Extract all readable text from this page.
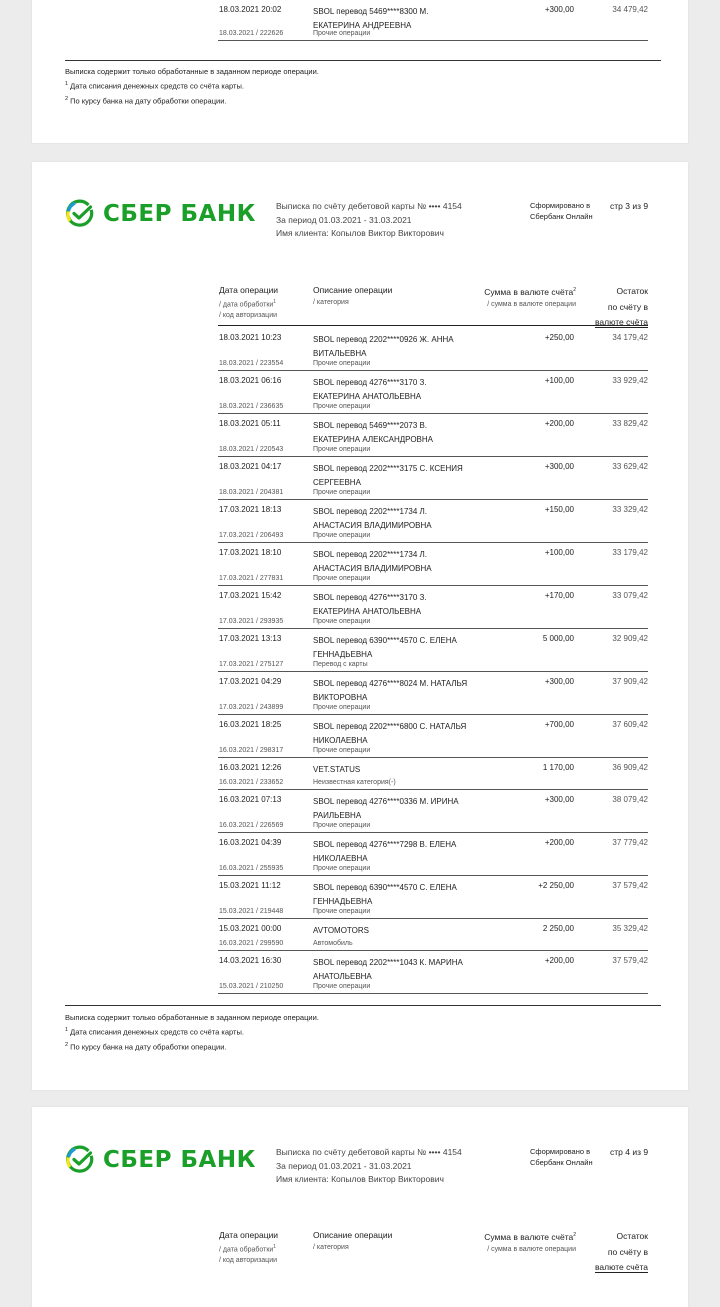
18.03.2021 20:02
18.03.2021 / 222626
SBOL перевод 5469****8300 М. ЕКАТЕРИНА АНДРЕЕВНА
Прочие операции
+300,00	34 479,42
Выписка содержит только обработанные в заданном периоде операции.
$^1$ Дата списания денежных средств со счёта карты.
$^2$ По курсу банка на дату обработки операции.
СБЕР БАНК Выписка по счёту дебетовой карты № •••• 4154
За период 01.03.2021 - 31.03.2021
Имя клиента: Копылов Виктор Викторович
Сформировано в
Сбербанк Онлайн
стр 3 из 9
Дата операции
/ дата обработки$^1$
/ код авторизации
Описание операции
/ категория
Сумма в валюте счёта$^2$
/ сумма в валюте операции
Остаток
по счёту в
валюте счёта
18.03.2021 10:23
18.03.2021 / 223554
SBOL перевод 2202****0926 Ж. АННА ВИТАЛЬЕВНА
Прочие операции
+250,00	34 179,42
18.03.2021 06:16
18.03.2021 / 236635
SBOL перевод 4276****3170 З. ЕКАТЕРИНА АНАТОЛЬЕВНА
Прочие операции
+100,00	33 929,42
18.03.2021 05:11
18.03.2021 / 220543
SBOL перевод 5469****2073 В. ЕКАТЕРИНА АЛЕКСАНДРОВНА
Прочие операции
+200,00	33 829,42
18.03.2021 04:17
18.03.2021 / 204381
SBOL перевод 2202****3175 С. КСЕНИЯ СЕРГЕЕВНА
Прочие операции
+300,00	33 629,42
17.03.2021 18:13
17.03.2021 / 206493
SBOL перевод 2202****1734 Л. АНАСТАСИЯ ВЛАДИМИРОВНА
Прочие операции
+150,00	33 329,42
17.03.2021 18:10
17.03.2021 / 277831
SBOL перевод 2202****1734 Л. АНАСТАСИЯ ВЛАДИМИРОВНА
Прочие операции
+100,00	33 179,42
17.03.2021 15:42
17.03.2021 / 293935
SBOL перевод 4276****3170 З. ЕКАТЕРИНА АНАТОЛЬЕВНА
Прочие операции
+170,00	33 079,42
17.03.2021 13:13
17.03.2021 / 275127
SBOL перевод 6390****4570 С. ЕЛЕНА ГЕННАДЬЕВНА
Перевод с карты
5 000,00	32 909,42
17.03.2021 04:29
17.03.2021 / 243899
SBOL перевод 4276****8024 М. НАТАЛЬЯ ВИКТОРОВНА
Прочие операции
+300,00	37 909,42
16.03.2021 18:25
16.03.2021 / 298317
SBOL перевод 2202****6800 С. НАТАЛЬЯ НИКОЛАЕВНА
Прочие операции
+700,00	37 609,42
16.03.2021 12:26
16.03.2021 / 233652
VET.STATUS
Неизвестная категория(-)
1 170,00	36 909,42
16.03.2021 07:13
16.03.2021 / 226569
SBOL перевод 4276****0336 М. ИРИНА РАИЛЬЕВНА
Прочие операции
+300,00	38 079,42
16.03.2021 04:39
16.03.2021 / 255935
SBOL перевод 4276****7298 В. ЕЛЕНА НИКОЛАЕВНА
Прочие операции
+200,00	37 779,42
15.03.2021 11:12
15.03.2021 / 219448
SBOL перевод 6390****4570 С. ЕЛЕНА ГЕННАДЬЕВНА
Прочие операции
+2 250,00	37 579,42
15.03.2021 00:00
16.03.2021 / 299590
AVTOMOTORS
Автомобиль
2 250,00	35 329,42
14.03.2021 16:30
15.03.2021 / 210250
SBOL перевод 2202****1043 К. МАРИНА АНАТОЛЬЕВНА
Прочие операции
+200,00	37 579,42
Выписка содержит только обработанные в заданном периоде операции.
$^1$ Дата списания денежных средств со счёта карты.
$^2$ По курсу банка на дату обработки операции.
СБЕР БАНК Выписка по счёту дебетовой карты № •••• 4154
За период 01.03.2021 - 31.03.2021
Имя клиента: Копылов Виктор Викторович
Сформировано в
Сбербанк Онлайн
стр 4 из 9
Дата операции
/ дата обработки$^1$
/ код авторизации
Описание операции
/ категория
Сумма в валюте счёта$^2$
/ сумма в валюте операции
Остаток
по счёту в
валюте счёта
